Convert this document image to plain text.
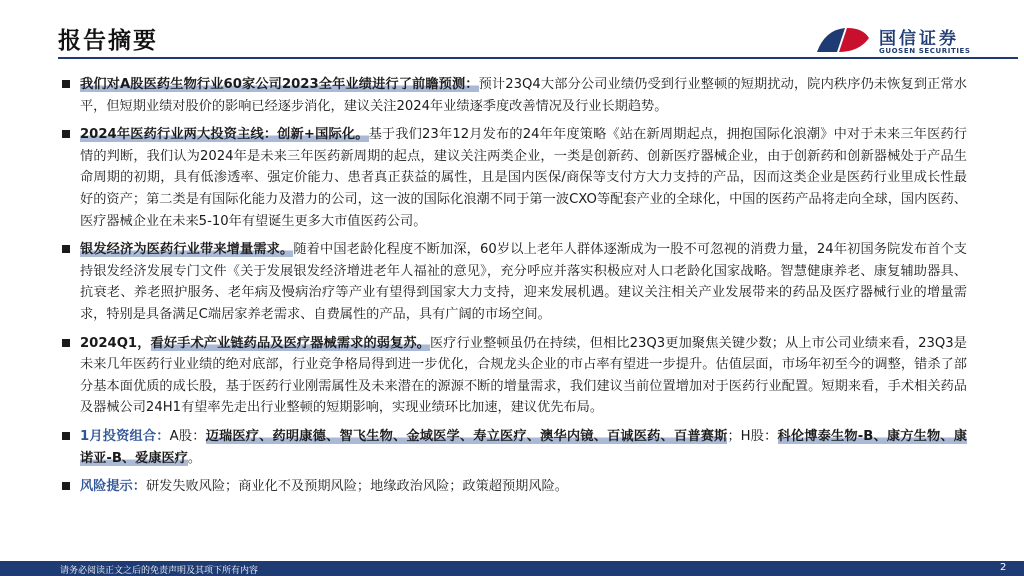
报告摘要	国信证券
GUOSEN SECURITIES
我们对A股医药生物行业60家公司2023全年业绩进行了前瞻预测：预计23Q4大部分公司业绩仍受到行业整顿的短期扰动，院内秩序仍未恢复到正常水平，但短期业绩对股价的影响已经逐步消化，建议关注2024年业绩逐季度改善情况及行业长期趋势。
2024年医药行业两大投资主线：创新+国际化。基于我们23年12月发布的24年年度策略《站在新周期起点，拥抱国际化浪潮》中对于未来三年医药行情的判断，我们认为2024年是未来三年医药新周期的起点，建议关注两类企业，一类是创新药、创新医疗器械企业，由于创新药和创新器械处于产品生命周期的初期，具有低渗透率、强定价能力、患者真正获益的属性，且是国内医保/商保等支付方大力支持的产品，因而这类企业是医药行业里成长性最好的资产；第二类是有国际化能力及潜力的公司，这一波的国际化浪潮不同于第一波CXO等配套产业的全球化，中国的医药产品将走向全球，国内医药、医疗器械企业在未来5-10年有望诞生更多大市值医药公司。
银发经济为医药行业带来增量需求。随着中国老龄化程度不断加深，60岁以上老年人群体逐渐成为一股不可忽视的消费力量，24年初国务院发布首个支持银发经济发展专门文件《关于发展银发经济增进老年人福祉的意见》，充分呼应并落实积极应对人口老龄化国家战略。智慧健康养老、康复辅助器具、抗衰老、养老照护服务、老年病及慢病治疗等产业有望得到国家大力支持，迎来发展机遇。建议关注相关产业发展带来的药品及医疗器械行业的增量需求，特别是具备满足C端居家养老需求、自费属性的产品，具有广阔的市场空间。
2024Q1，看好手术产业链药品及医疗器械需求的弱复苏。医疗行业整顿虽仍在持续，但相比23Q3更加聚焦关键少数；从上市公司业绩来看，23Q3是未来几年医药行业业绩的绝对底部，行业竞争格局得到进一步优化，合规龙头企业的市占率有望进一步提升。估值层面，市场年初至今的调整，错杀了部分基本面优质的成长股，基于医药行业刚需属性及未来潜在的源源不断的增量需求，我们建议当前位置增加对于医药行业配置。短期来看，手术相关药品及器械公司24H1有望率先走出行业整顿的短期影响，实现业绩环比加速，建议优先布局。
1月投资组合：A股：迈瑞医疗、药明康德、智飞生物、金域医学、寿立医疗、澳华内镜、百诚医药、百普赛斯；H股：科伦博泰生物-B、康方生物、康诺亚-B、爱康医疗。
风险提示：研发失败风险；商业化不及预期风险；地缘政治风险；政策超预期风险。
请务必阅读正文之后的免责声明及其项下所有内容	2
